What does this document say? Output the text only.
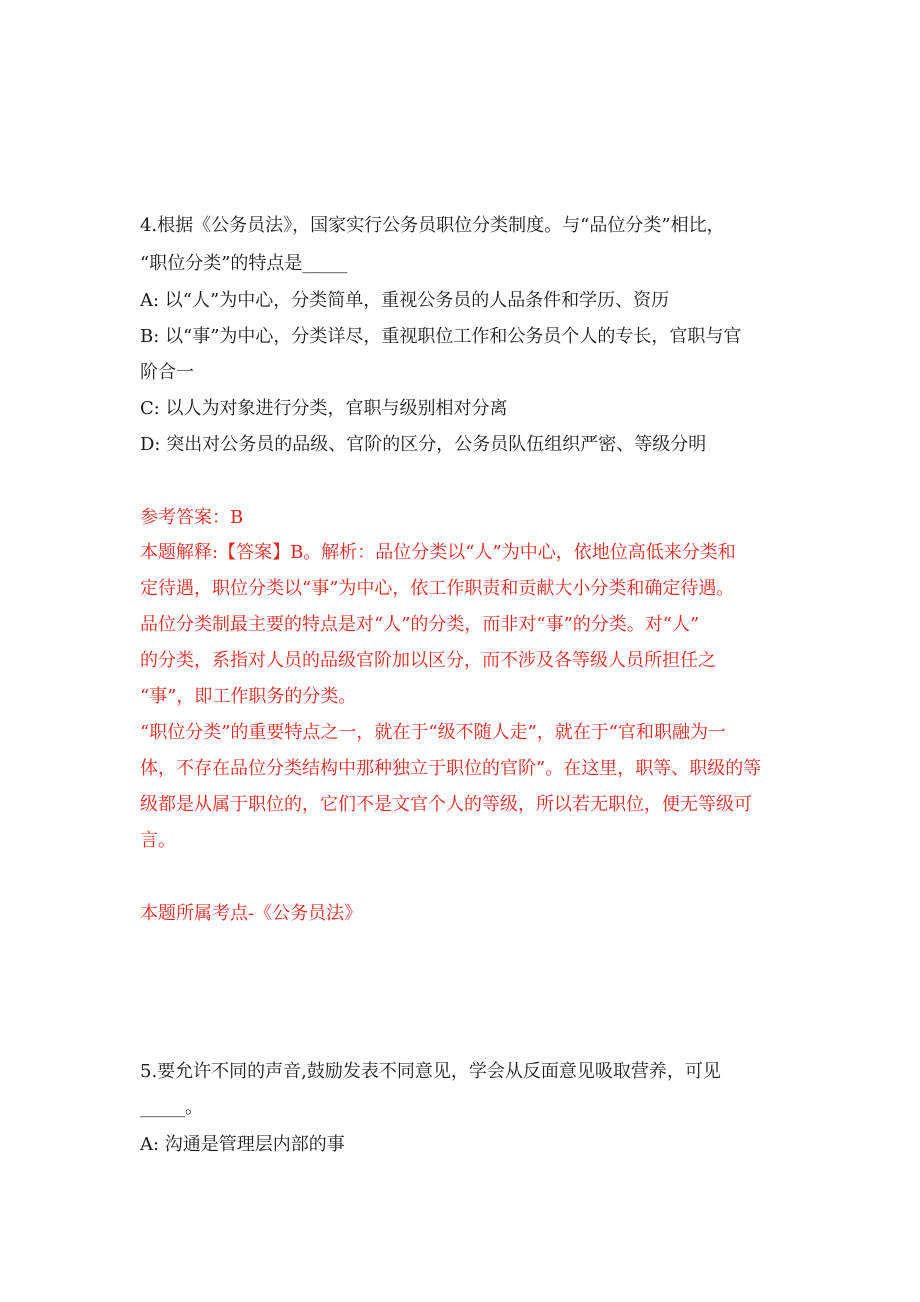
4.根据《公务员法》，国家实行公务员职位分类制度。与“品位分类”相比，

“职位分类”的特点是_____

A: 以“人”为中心，分类简单，重视公务员的人品条件和学历、资历

B: 以“事”为中心，分类详尽，重视职位工作和公务员个人的专长，官职与官

阶合一

C: 以人为对象进行分类，官职与级别相对分离

D: 突出对公务员的品级、官阶的区分，公务员队伍组织严密、等级分明

参考答案：B

本题解释:【答案】B。解析：品位分类以“人”为中心，依地位高低来分类和

定待遇，职位分类以“事”为中心，依工作职责和贡献大小分类和确定待遇。

品位分类制最主要的特点是对“人”的分类，而非对“事”的分类。对“人”

的分类，系指对人员的品级官阶加以区分，而不涉及各等级人员所担任之

“事”，即工作职务的分类。

“职位分类”的重要特点之一，就在于“级不随人走”，就在于“官和职融为一

体，不存在品位分类结构中那种独立于职位的官阶”。在这里，职等、职级的等

级都是从属于职位的，它们不是文官个人的等级，所以若无职位，便无等级可

言。

本题所属考点-《公务员法》

5.要允许不同的声音,鼓励发表不同意见，学会从反面意见吸取营养，可见

_____。

A: 沟通是管理层内部的事
